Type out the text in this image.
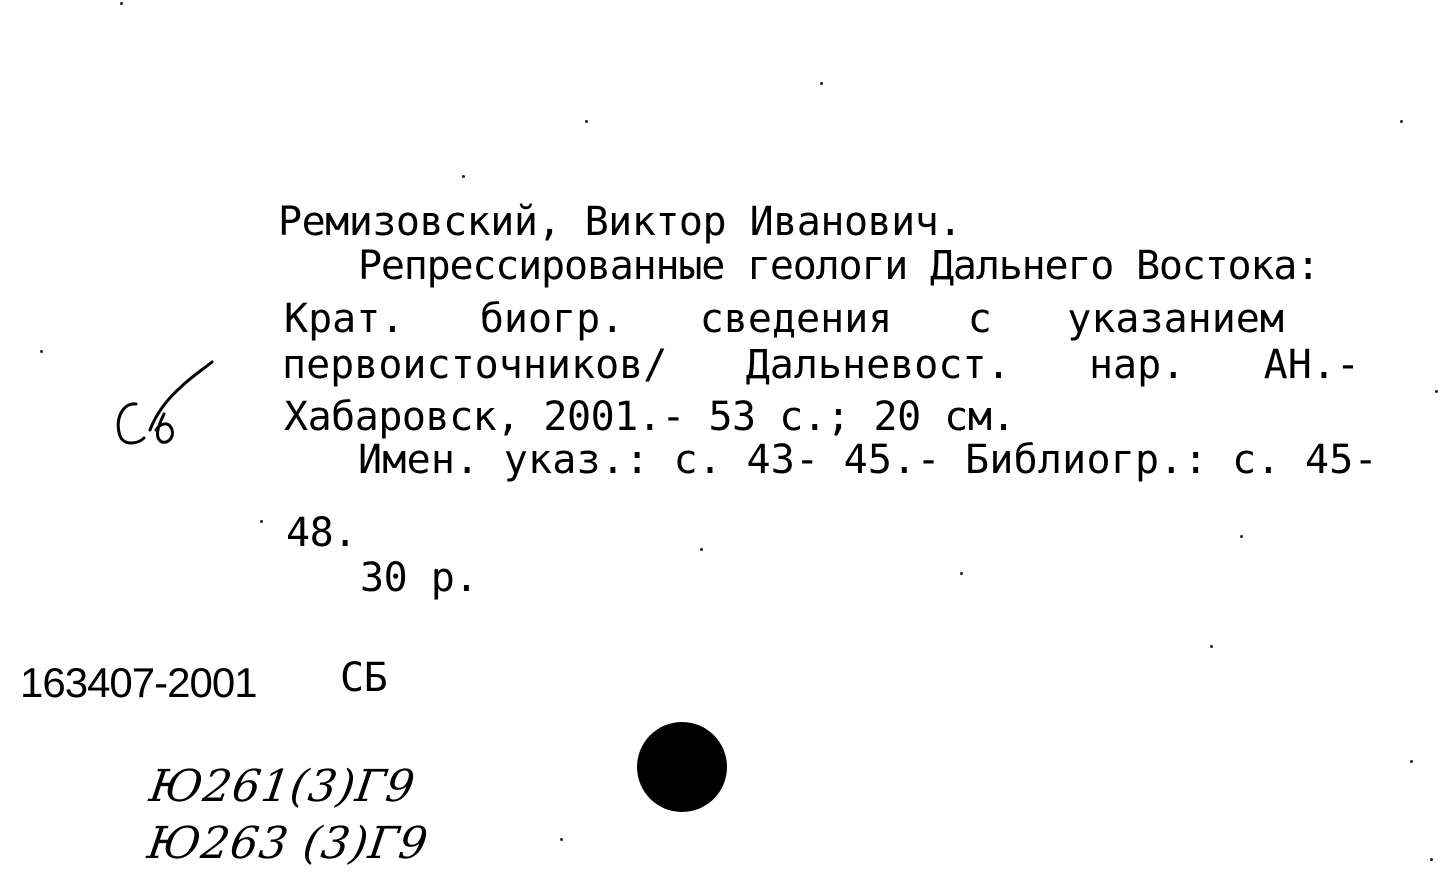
Ремизовский, Виктор Иванович.
Репрессированные геологи Дальнего Востока:
Крат. биогр. сведения с указанием
первоисточников/ Дальневост. нар. АН.-
Хабаровск, 2001.- 53 с.; 20 см.
Имен. указ.: с. 43- 45.- Библиогр.: с. 45-
48.
30 р.
163407-2001 СБ
Ю261(3)Г9
Ю263 (3)Г9
